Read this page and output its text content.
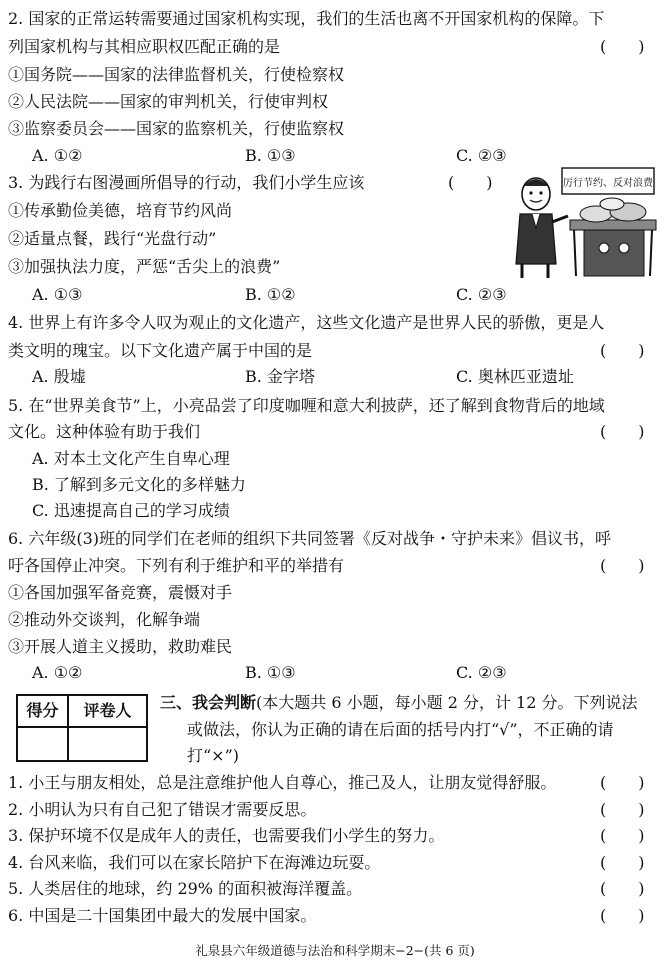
2. 国家的正常运转需要通过国家机构实现，我们的生活也离不开国家机构的保障。下
列国家机构与其相应职权匹配正确的是	(　　)
①国务院——国家的法律监督机关，行使检察权
②人民法院——国家的审判机关，行使审判权
③监察委员会——国家的监察机关，行使监察权
A. ①②	B. ①③	C. ②③
3. 为践行右图漫画所倡导的行动，我们小学生应该	(　　)
①传承勤俭美德，培育节约风尚
②适量点餐，践行“光盘行动”
③加强执法力度，严惩“舌尖上的浪费”
A. ①③	B. ①②	C. ②③
厉行节约、反对浪费
4. 世界上有许多令人叹为观止的文化遗产，这些文化遗产是世界人民的骄傲，更是人
类文明的瑰宝。以下文化遗产属于中国的是	(　　)
A. 殷墟	B. 金字塔	C. 奥林匹亚遗址
5. 在“世界美食节”上，小亮品尝了印度咖喱和意大利披萨，还了解到食物背后的地域
文化。这种体验有助于我们	(　　)
A. 对本土文化产生自卑心理
B. 了解到多元文化的多样魅力
C. 迅速提高自己的学习成绩
6. 六年级(3)班的同学们在老师的组织下共同签署《反对战争・守护未来》倡议书，呼
吁各国停止冲突。下列有利于维护和平的举措有	(　　)
①各国加强军备竞赛，震慑对手
②推动外交谈判，化解争端
③开展人道主义援助，救助难民
A. ①②	B. ①③	C. ②③
得分	评卷人	三、我会判断(本大题共 6 小题，每小题 2 分，计 12 分。下列说法
或做法，你认为正确的请在后面的括号内打“√”，不正确的请
打“×”)
1. 小王与朋友相处，总是注意维护他人自尊心，推己及人，让朋友觉得舒服。	(　　)
2. 小明认为只有自己犯了错误才需要反思。	(　　)
3. 保护环境不仅是成年人的责任，也需要我们小学生的努力。	(　　)
4. 台风来临，我们可以在家长陪护下在海滩边玩耍。	(　　)
5. 人类居住的地球，约 29% 的面积被海洋覆盖。	(　　)
6. 中国是二十国集团中最大的发展中国家。	(　　)
礼泉县六年级道德与法治和科学期末−2−(共 6 页)
